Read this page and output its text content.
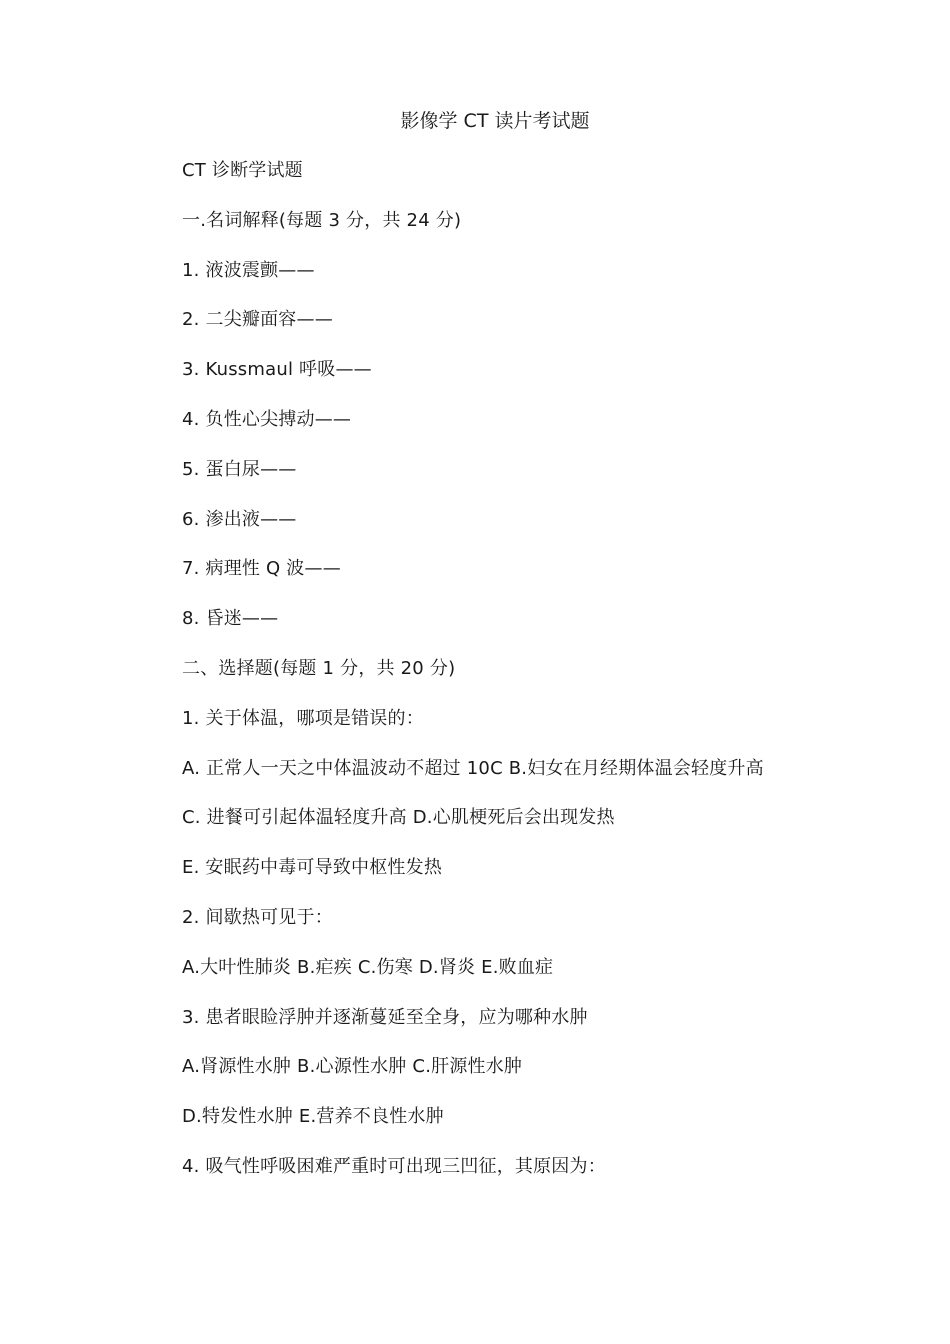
影像学 CT 读片考试题
CT 诊断学试题
一.名词解释(每题 3 分，共 24 分)
1. 液波震颤——
2. 二尖瓣面容——
3. Kussmaul 呼吸——
4. 负性心尖搏动——
5. 蛋白尿——
6. 渗出液——
7. 病理性 Q 波——
8. 昏迷——
二、选择题(每题 1 分，共 20 分)
1. 关于体温，哪项是错误的：
A. 正常人一天之中体温波动不超过 10C B.妇女在月经期体温会轻度升高
C. 进餐可引起体温轻度升高 D.心肌梗死后会出现发热
E. 安眠药中毒可导致中枢性发热
2. 间歇热可见于：
A.大叶性肺炎 B.疟疾 C.伤寒 D.肾炎 E.败血症
3. 患者眼睑浮肿并逐渐蔓延至全身，应为哪种水肿
A.肾源性水肿 B.心源性水肿 C.肝源性水肿
D.特发性水肿 E.营养不良性水肿
4. 吸气性呼吸困难严重时可出现三凹征，其原因为：
